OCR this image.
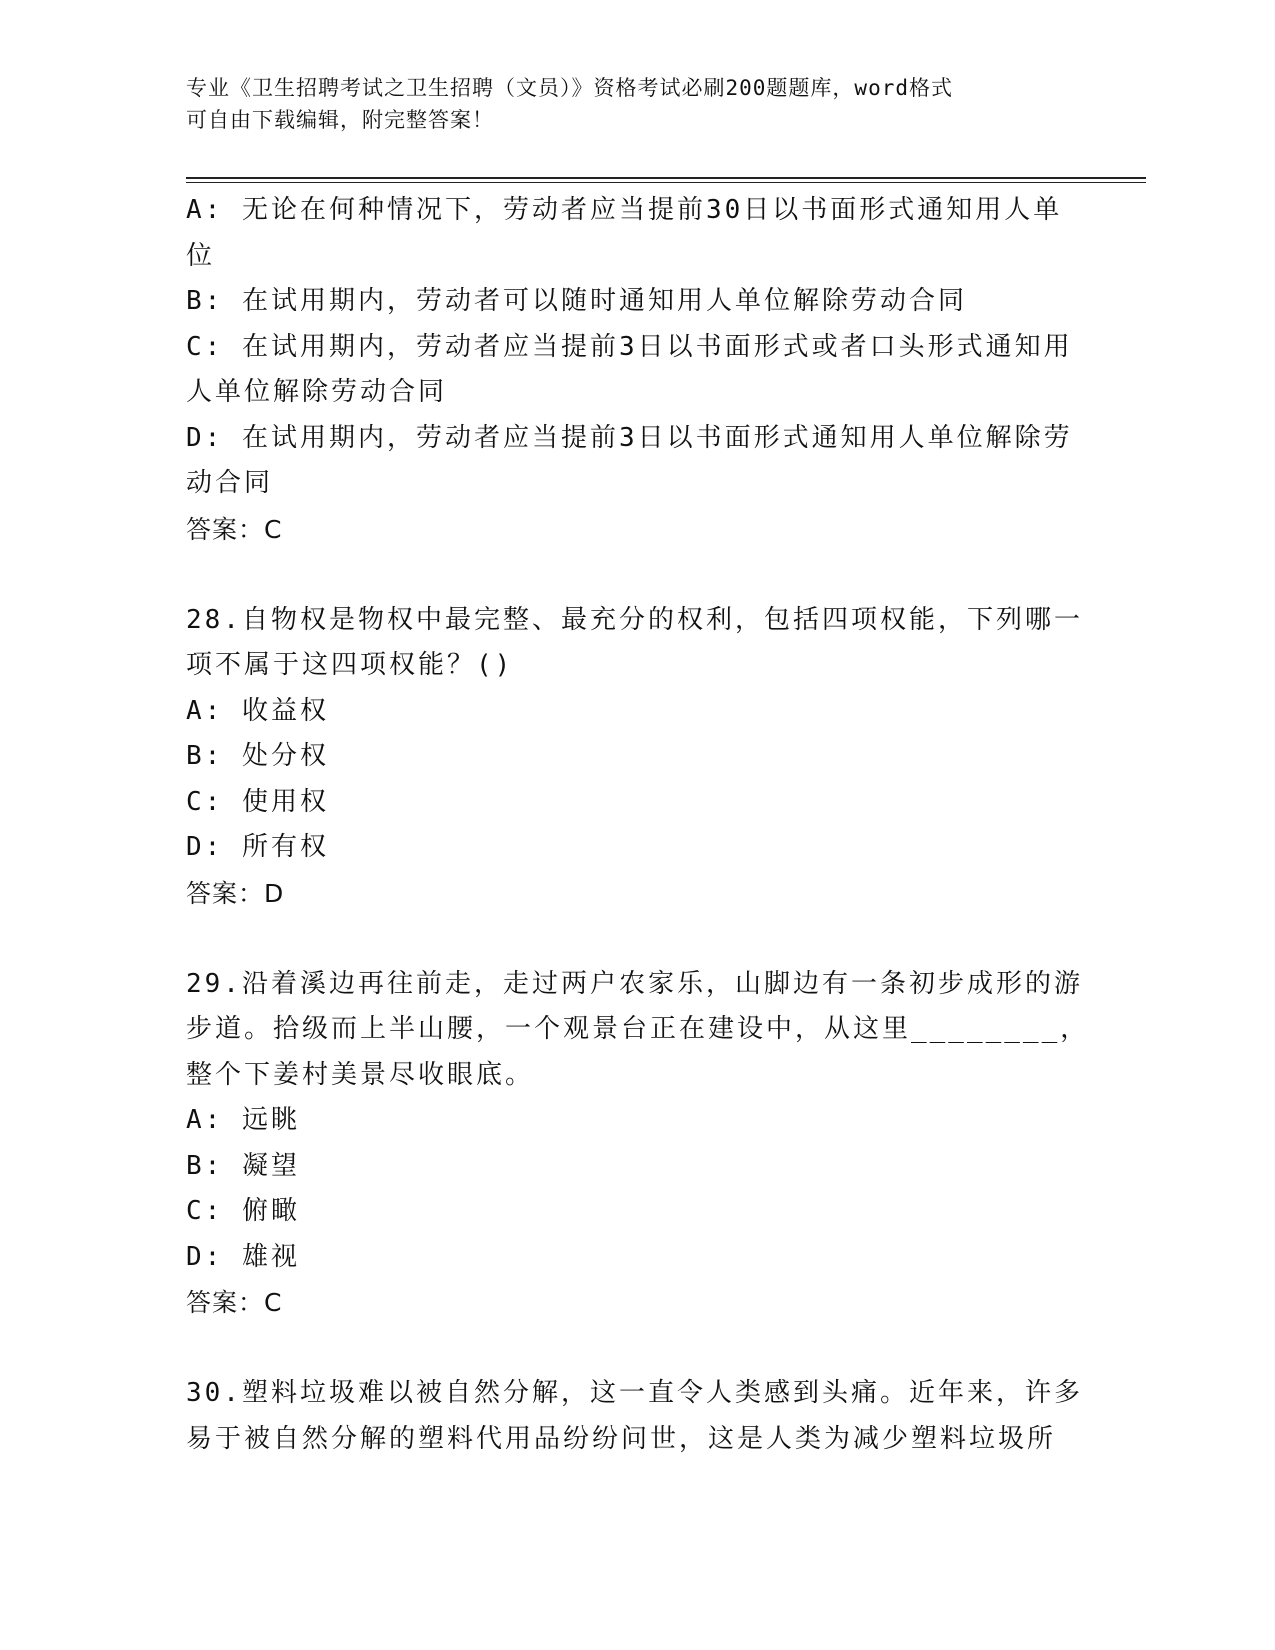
专业《卫生招聘考试之卫生招聘（文员）》资格考试必刷200题题库，word格式
可自由下载编辑，附完整答案！
A: 无论在何种情况下，劳动者应当提前30日以书面形式通知用人单
位
B: 在试用期内，劳动者可以随时通知用人单位解除劳动合同
C: 在试用期内，劳动者应当提前3日以书面形式或者口头形式通知用
人单位解除劳动合同
D: 在试用期内，劳动者应当提前3日以书面形式通知用人单位解除劳
动合同
答案：C
28.自物权是物权中最完整、最充分的权利，包括四项权能，下列哪一
项不属于这四项权能？()
A: 收益权
B: 处分权
C: 使用权
D: 所有权
答案：D
29.沿着溪边再往前走，走过两户农家乐，山脚边有一条初步成形的游
步道。拾级而上半山腰，一个观景台正在建设中，从这里________，
整个下姜村美景尽收眼底。
A: 远眺
B: 凝望
C: 俯瞰
D: 雄视
答案：C
30.塑料垃圾难以被自然分解，这一直令人类感到头痛。近年来，许多
易于被自然分解的塑料代用品纷纷问世，这是人类为减少塑料垃圾所
